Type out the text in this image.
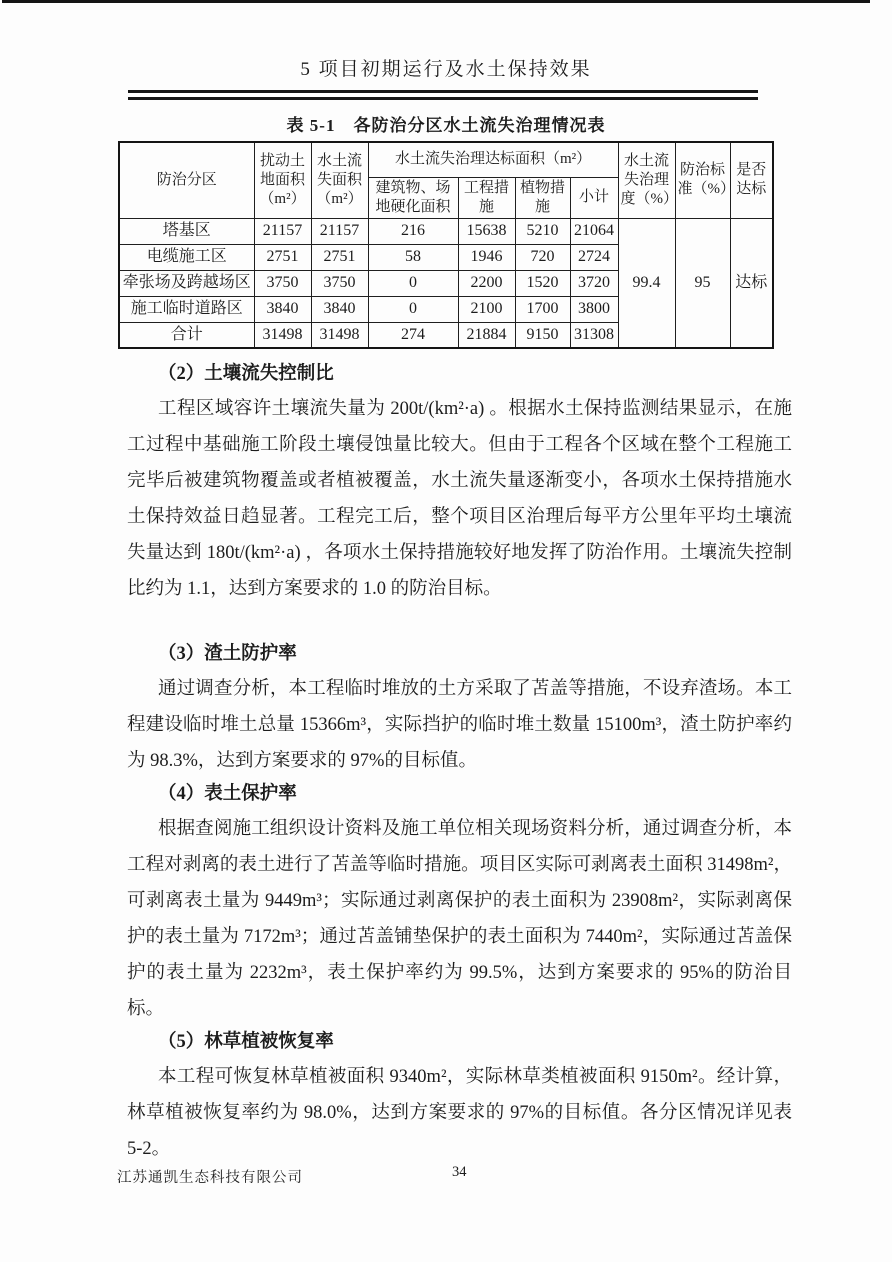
5 项目初期运行及水土保持效果
表 5-1　各防治分区水土流失治理情况表
防治分区	扰动土地面积（m²）	水土流失面积（m²）	水土流失治理达标面积（m²）				水土流失治理度（%）	防治标准（%）	是否达标
			建筑物、场地硬化面积	工程措施	植物措施	小计			
塔基区	21157	21157	216	15638	5210	21064	99.4	95	达标
电缆施工区	2751	2751	58	1946	720	2724			
牵张场及跨越场区	3750	3750	0	2200	1520	3720			
施工临时道路区	3840	3840	0	2100	1700	3800			
合计	31498	31498	274	21884	9150	31308			
（2）土壤流失控制比
工程区域容许土壤流失量为 200t/(km²·a) 。根据水土保持监测结果显示，在施工过程中基础施工阶段土壤侵蚀量比较大。但由于工程各个区域在整个工程施工完毕后被建筑物覆盖或者植被覆盖，水土流失量逐渐变小，各项水土保持措施水土保持效益日趋显著。工程完工后，整个项目区治理后每平方公里年平均土壤流失量达到 180t/(km²·a) ，各项水土保持措施较好地发挥了防治作用。土壤流失控制比约为 1.1，达到方案要求的 1.0 的防治目标。
（3）渣土防护率
通过调查分析，本工程临时堆放的土方采取了苫盖等措施，不设弃渣场。本工程建设临时堆土总量 15366m³，实际挡护的临时堆土数量 15100m³，渣土防护率约为 98.3%，达到方案要求的 97%的目标值。
（4）表土保护率
根据查阅施工组织设计资料及施工单位相关现场资料分析，通过调查分析，本工程对剥离的表土进行了苫盖等临时措施。项目区实际可剥离表土面积 31498m²，可剥离表土量为 9449m³；实际通过剥离保护的表土面积为 23908m²，实际剥离保护的表土量为 7172m³；通过苫盖铺垫保护的表土面积为 7440m²，实际通过苫盖保护的表土量为 2232m³，表土保护率约为 99.5%，达到方案要求的 95%的防治目标。
（5）林草植被恢复率
本工程可恢复林草植被面积 9340m²，实际林草类植被面积 9150m²。经计算，林草植被恢复率约为 98.0%，达到方案要求的 97%的目标值。各分区情况详见表 5-2。
江苏通凯生态科技有限公司	34
